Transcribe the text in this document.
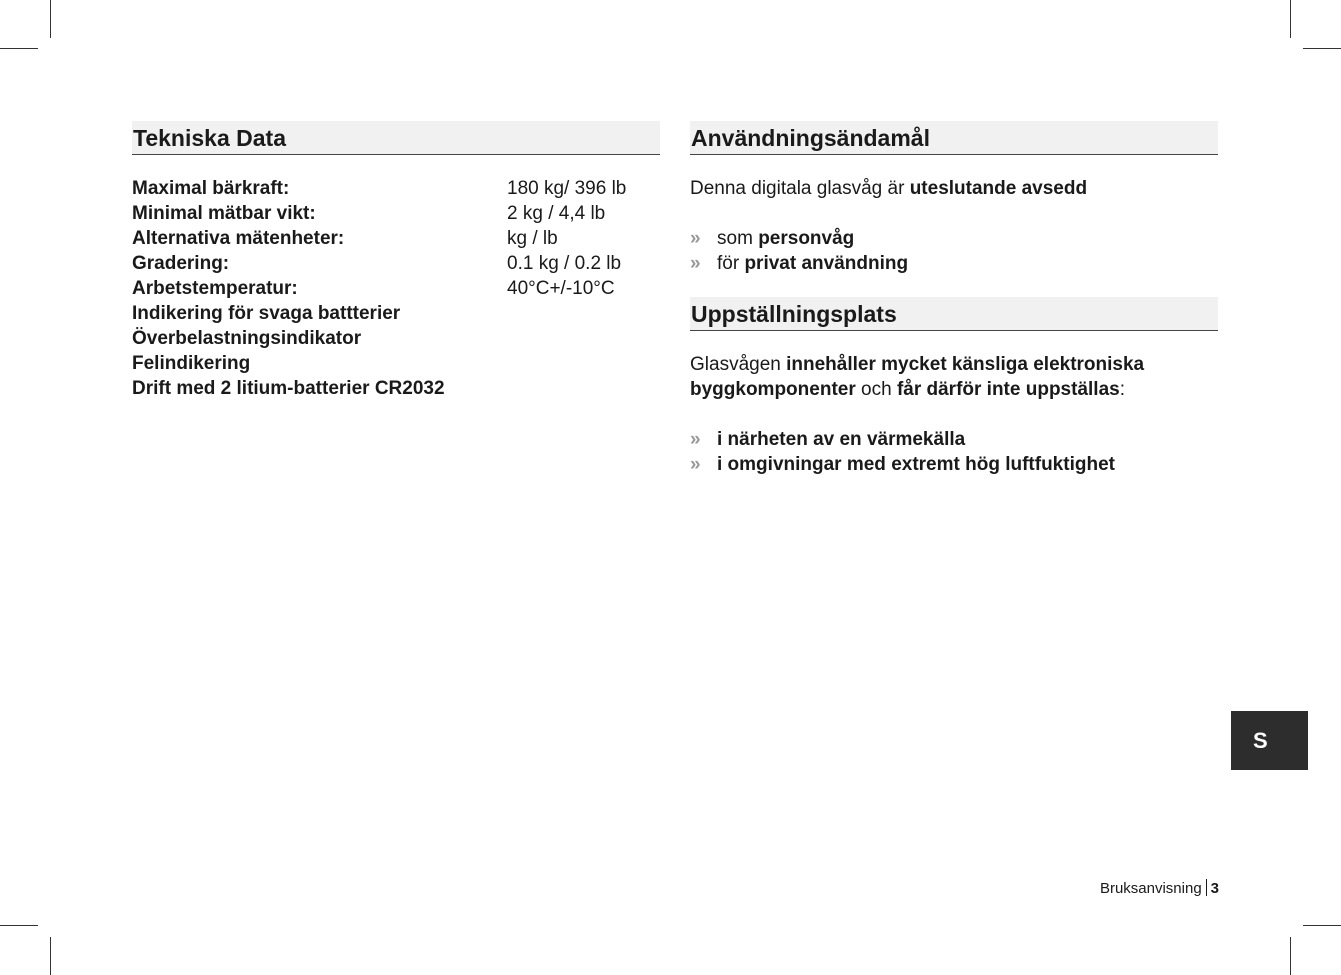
Tekniska Data
Maximal bärkraft:	180 kg/ 396 lb
Minimal mätbar vikt:	2 kg / 4,4 lb
Alternativa mätenheter:	kg / lb
Gradering:	0.1 kg / 0.2 lb
Arbetstemperatur:	40°C+/-10°C
Indikering för svaga battterier
Överbelastningsindikator
Felindikering
Drift med 2 litium-batterier CR2032
Användningsändamål
Denna digitala glasvåg är uteslutande avsedd
» som personvåg
» för privat användning
Uppställningsplats
Glasvågen innehåller mycket känsliga elektroniska byggkomponenter och får därför inte uppställas:
» i närheten av en värmekälla
» i omgivningar med extremt hög luftfuktighet
S
Bruksanvisning 3
